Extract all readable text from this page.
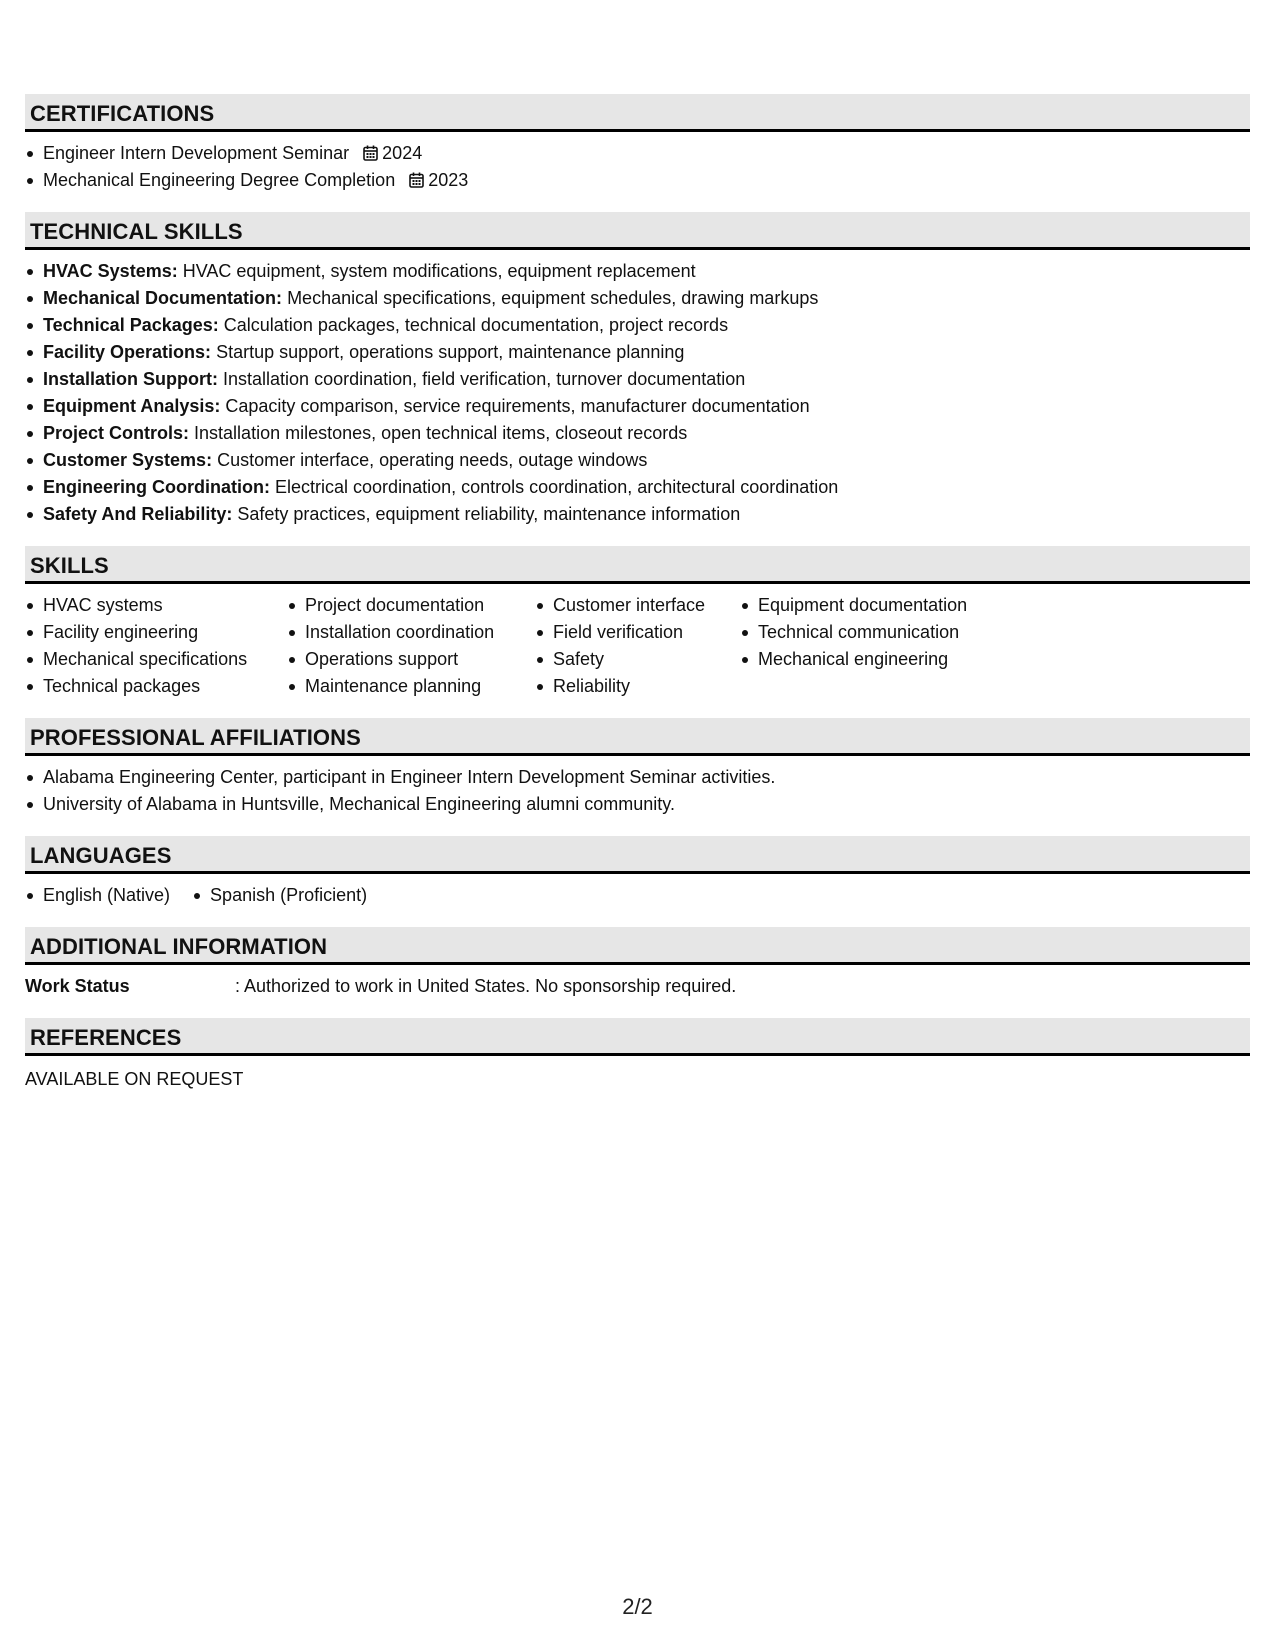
CERTIFICATIONS
Engineer Intern Development Seminar 2024
Mechanical Engineering Degree Completion 2023
TECHNICAL SKILLS
HVAC Systems: HVAC equipment, system modifications, equipment replacement
Mechanical Documentation: Mechanical specifications, equipment schedules, drawing markups
Technical Packages: Calculation packages, technical documentation, project records
Facility Operations: Startup support, operations support, maintenance planning
Installation Support: Installation coordination, field verification, turnover documentation
Equipment Analysis: Capacity comparison, service requirements, manufacturer documentation
Project Controls: Installation milestones, open technical items, closeout records
Customer Systems: Customer interface, operating needs, outage windows
Engineering Coordination: Electrical coordination, controls coordination, architectural coordination
Safety And Reliability: Safety practices, equipment reliability, maintenance information
SKILLS
HVAC systems
Facility engineering
Mechanical specifications
Technical packages
Project documentation
Installation coordination
Operations support
Maintenance planning
Customer interface
Field verification
Safety
Reliability
Equipment documentation
Technical communication
Mechanical engineering
PROFESSIONAL AFFILIATIONS
Alabama Engineering Center, participant in Engineer Intern Development Seminar activities.
University of Alabama in Huntsville, Mechanical Engineering alumni community.
LANGUAGES
English (Native)	Spanish (Proficient)
ADDITIONAL INFORMATION
Work Status	: Authorized to work in United States. No sponsorship required.
REFERENCES
AVAILABLE ON REQUEST
2/2
